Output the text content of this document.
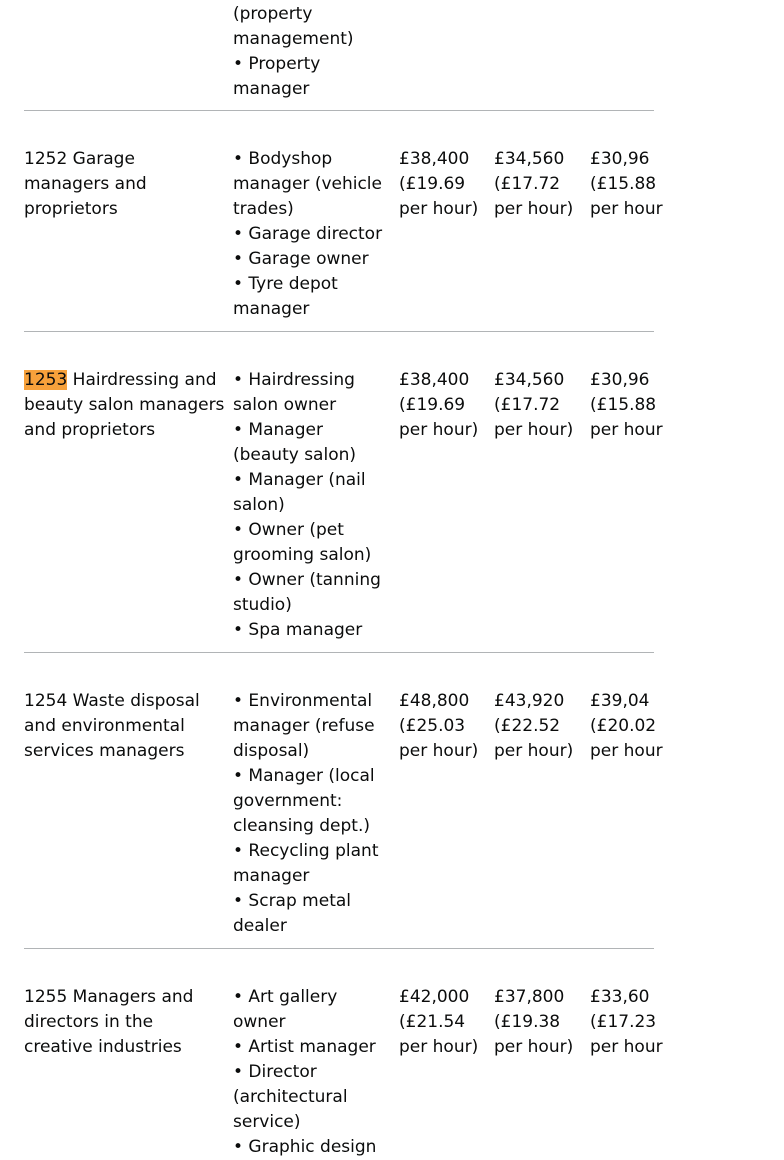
(property
management)
• Property
manager
1252 Garage
managers and
proprietors
• Bodyshop
manager (vehicle
trades)
• Garage director
• Garage owner
• Tyre depot
manager
£38,400
(£19.69
per hour)
£34,560
(£17.72
per hour)
£30,96
(£15.88
per hour
1253 Hairdressing and
beauty salon managers
and proprietors
• Hairdressing
salon owner
• Manager
(beauty salon)
• Manager (nail
salon)
• Owner (pet
grooming salon)
• Owner (tanning
studio)
• Spa manager
£38,400
(£19.69
per hour)
£34,560
(£17.72
per hour)
£30,96
(£15.88
per hour
1254 Waste disposal
and environmental
services managers
• Environmental
manager (refuse
disposal)
• Manager (local
government:
cleansing dept.)
• Recycling plant
manager
• Scrap metal
dealer
£48,800
(£25.03
per hour)
£43,920
(£22.52
per hour)
£39,04
(£20.02
per hour
1255 Managers and
directors in the
creative industries
• Art gallery
owner
• Artist manager
• Director
(architectural
service)
• Graphic design
£42,000
(£21.54
per hour)
£37,800
(£19.38
per hour)
£33,60
(£17.23
per hour
